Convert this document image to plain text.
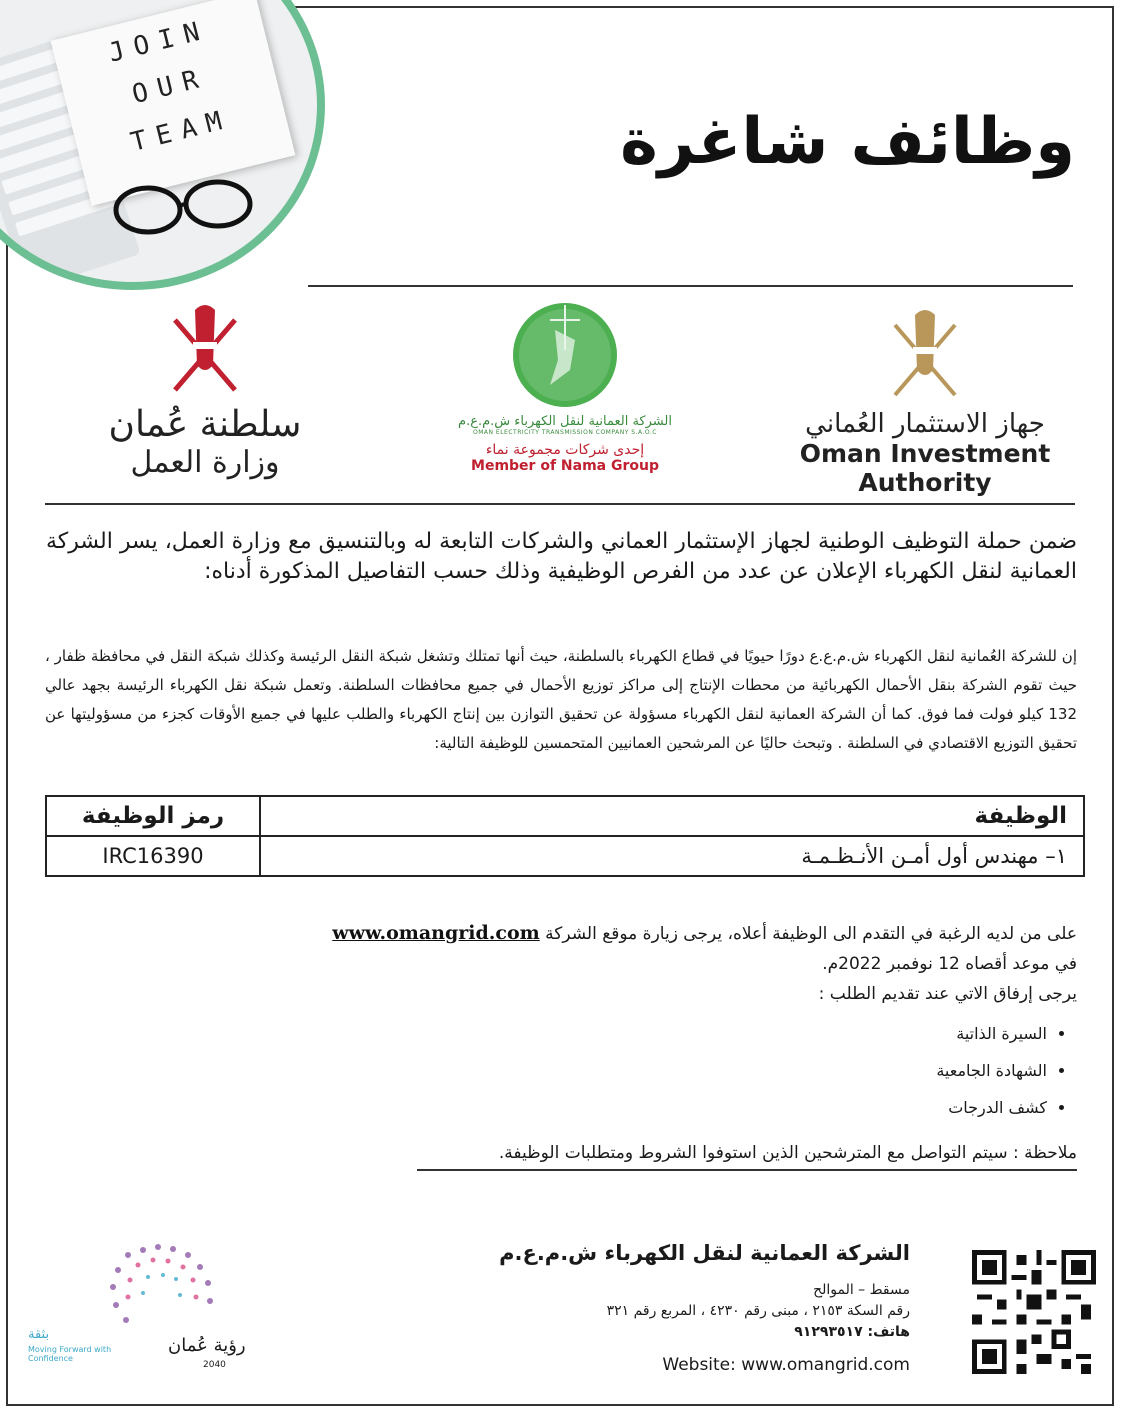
JOIN
OUR
TEAM	وظائف شاغرة
سلطنة عُمان
وزارة العمل
الشركة العمانية لنقل الكهرباء ش.م.ع.م
OMAN ELECTRICITY TRANSMISSION COMPANY S.A.O.C
إحدى شركات مجموعة نماء
Member of Nama Group
جهاز الاستثمار العُماني
Oman Investment Authority
ضمن حملة التوظيف الوطنية لجهاز الإستثمار العماني والشركات التابعة له وبالتنسيق مع وزارة العمل، يسر الشركة العمانية لنقل الكهرباء الإعلان عن عدد من الفرص الوظيفية وذلك حسب التفاصيل المذكورة أدناه:
إن للشركة العُمانية لنقل الكهرباء ش.م.ع.ع دورًا حيويًا في قطاع الكهرباء بالسلطنة، حيث أنها تمتلك وتشغل شبكة النقل الرئيسة وكذلك شبكة النقل في محافظة ظفار ، حيث تقوم الشركة بنقل الأحمال الكهربائية من محطات الإنتاج إلى مراكز توزيع الأحمال في جميع محافظات السلطنة. وتعمل شبكة نقل الكهرباء الرئيسة بجهد عالي 132 كيلو فولت فما فوق. كما أن الشركة العمانية لنقل الكهرباء مسؤولة عن تحقيق التوازن بين إنتاج الكهرباء والطلب عليها في جميع الأوقات كجزء من مسؤوليتها عن تحقيق التوزيع الاقتصادي في السلطنة . وتبحث حاليًا عن المرشحين العمانيين المتحمسين للوظيفة التالية:
الوظيفة	رمز الوظيفة
١– مهندس أول أمـن الأنـظـمـة	IRC16390
على من لديه الرغبة في التقدم الى الوظيفة أعلاه، يرجى زيارة موقع الشركة www.omangrid.com
في موعد أقصاه 12 نوفمبر 2022م.
يرجى إرفاق الاتي عند تقديم الطلب :
• السيرة الذاتية
• الشهادة الجامعية
• كشف الدرجات
ملاحظة : سيتم التواصل مع المترشحين الذين استوفوا الشروط ومتطلبات الوظيفة.
بثقة
Moving Forward with Confidence
رؤية عُمان
2040
الشركة العمانية لنقل الكهرباء ش.م.ع.م
مسقط – الموالح
رقم السكة ٢١٥٣ ، مبنى رقم ٤٢٣٠ ، المربع رقم ٣٢١
هاتف: ٩١٢٩٣٥١٧
Website: www.omangrid.com
